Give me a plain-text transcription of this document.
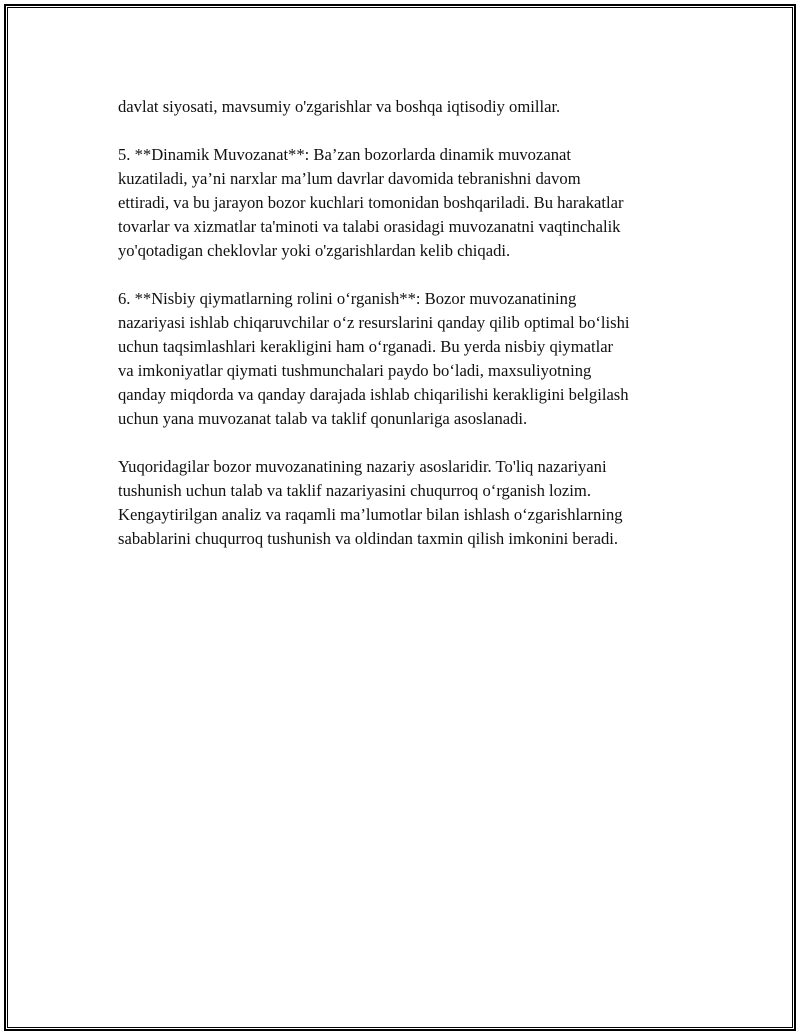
davlat siyosati, mavsumiy o'zgarishlar va boshqa iqtisodiy omillar.

5. **Dinamik Muvozanat**: Ba’zan bozorlarda dinamik muvozanat
kuzatiladi, ya’ni narxlar ma’lum davrlar davomida tebranishni davom
ettiradi, va bu jarayon bozor kuchlari tomonidan boshqariladi. Bu harakatlar
tovarlar va xizmatlar ta'minoti va talabi orasidagi muvozanatni vaqtinchalik
yo'qotadigan cheklovlar yoki o'zgarishlardan kelib chiqadi.

6. **Nisbiy qiymatlarning rolini o‘rganish**: Bozor muvozanatining
nazariyasi ishlab chiqaruvchilar o‘z resurslarini qanday qilib optimal bo‘lishi
uchun taqsimlashlari kerakligini ham o‘rganadi. Bu yerda nisbiy qiymatlar
va imkoniyatlar qiymati tushmunchalari paydo bo‘ladi, maxsuliyotning
qanday miqdorda va qanday darajada ishlab chiqarilishi kerakligini belgilash
uchun yana muvozanat talab va taklif qonunlariga asoslanadi.

Yuqoridagilar bozor muvozanatining nazariy asoslaridir. To'liq nazariyani
tushunish uchun talab va taklif nazariyasini chuqurroq o‘rganish lozim.
Kengaytirilgan analiz va raqamli ma’lumotlar bilan ishlash o‘zgarishlarning
sabablarini chuqurroq tushunish va oldindan taxmin qilish imkonini beradi.
